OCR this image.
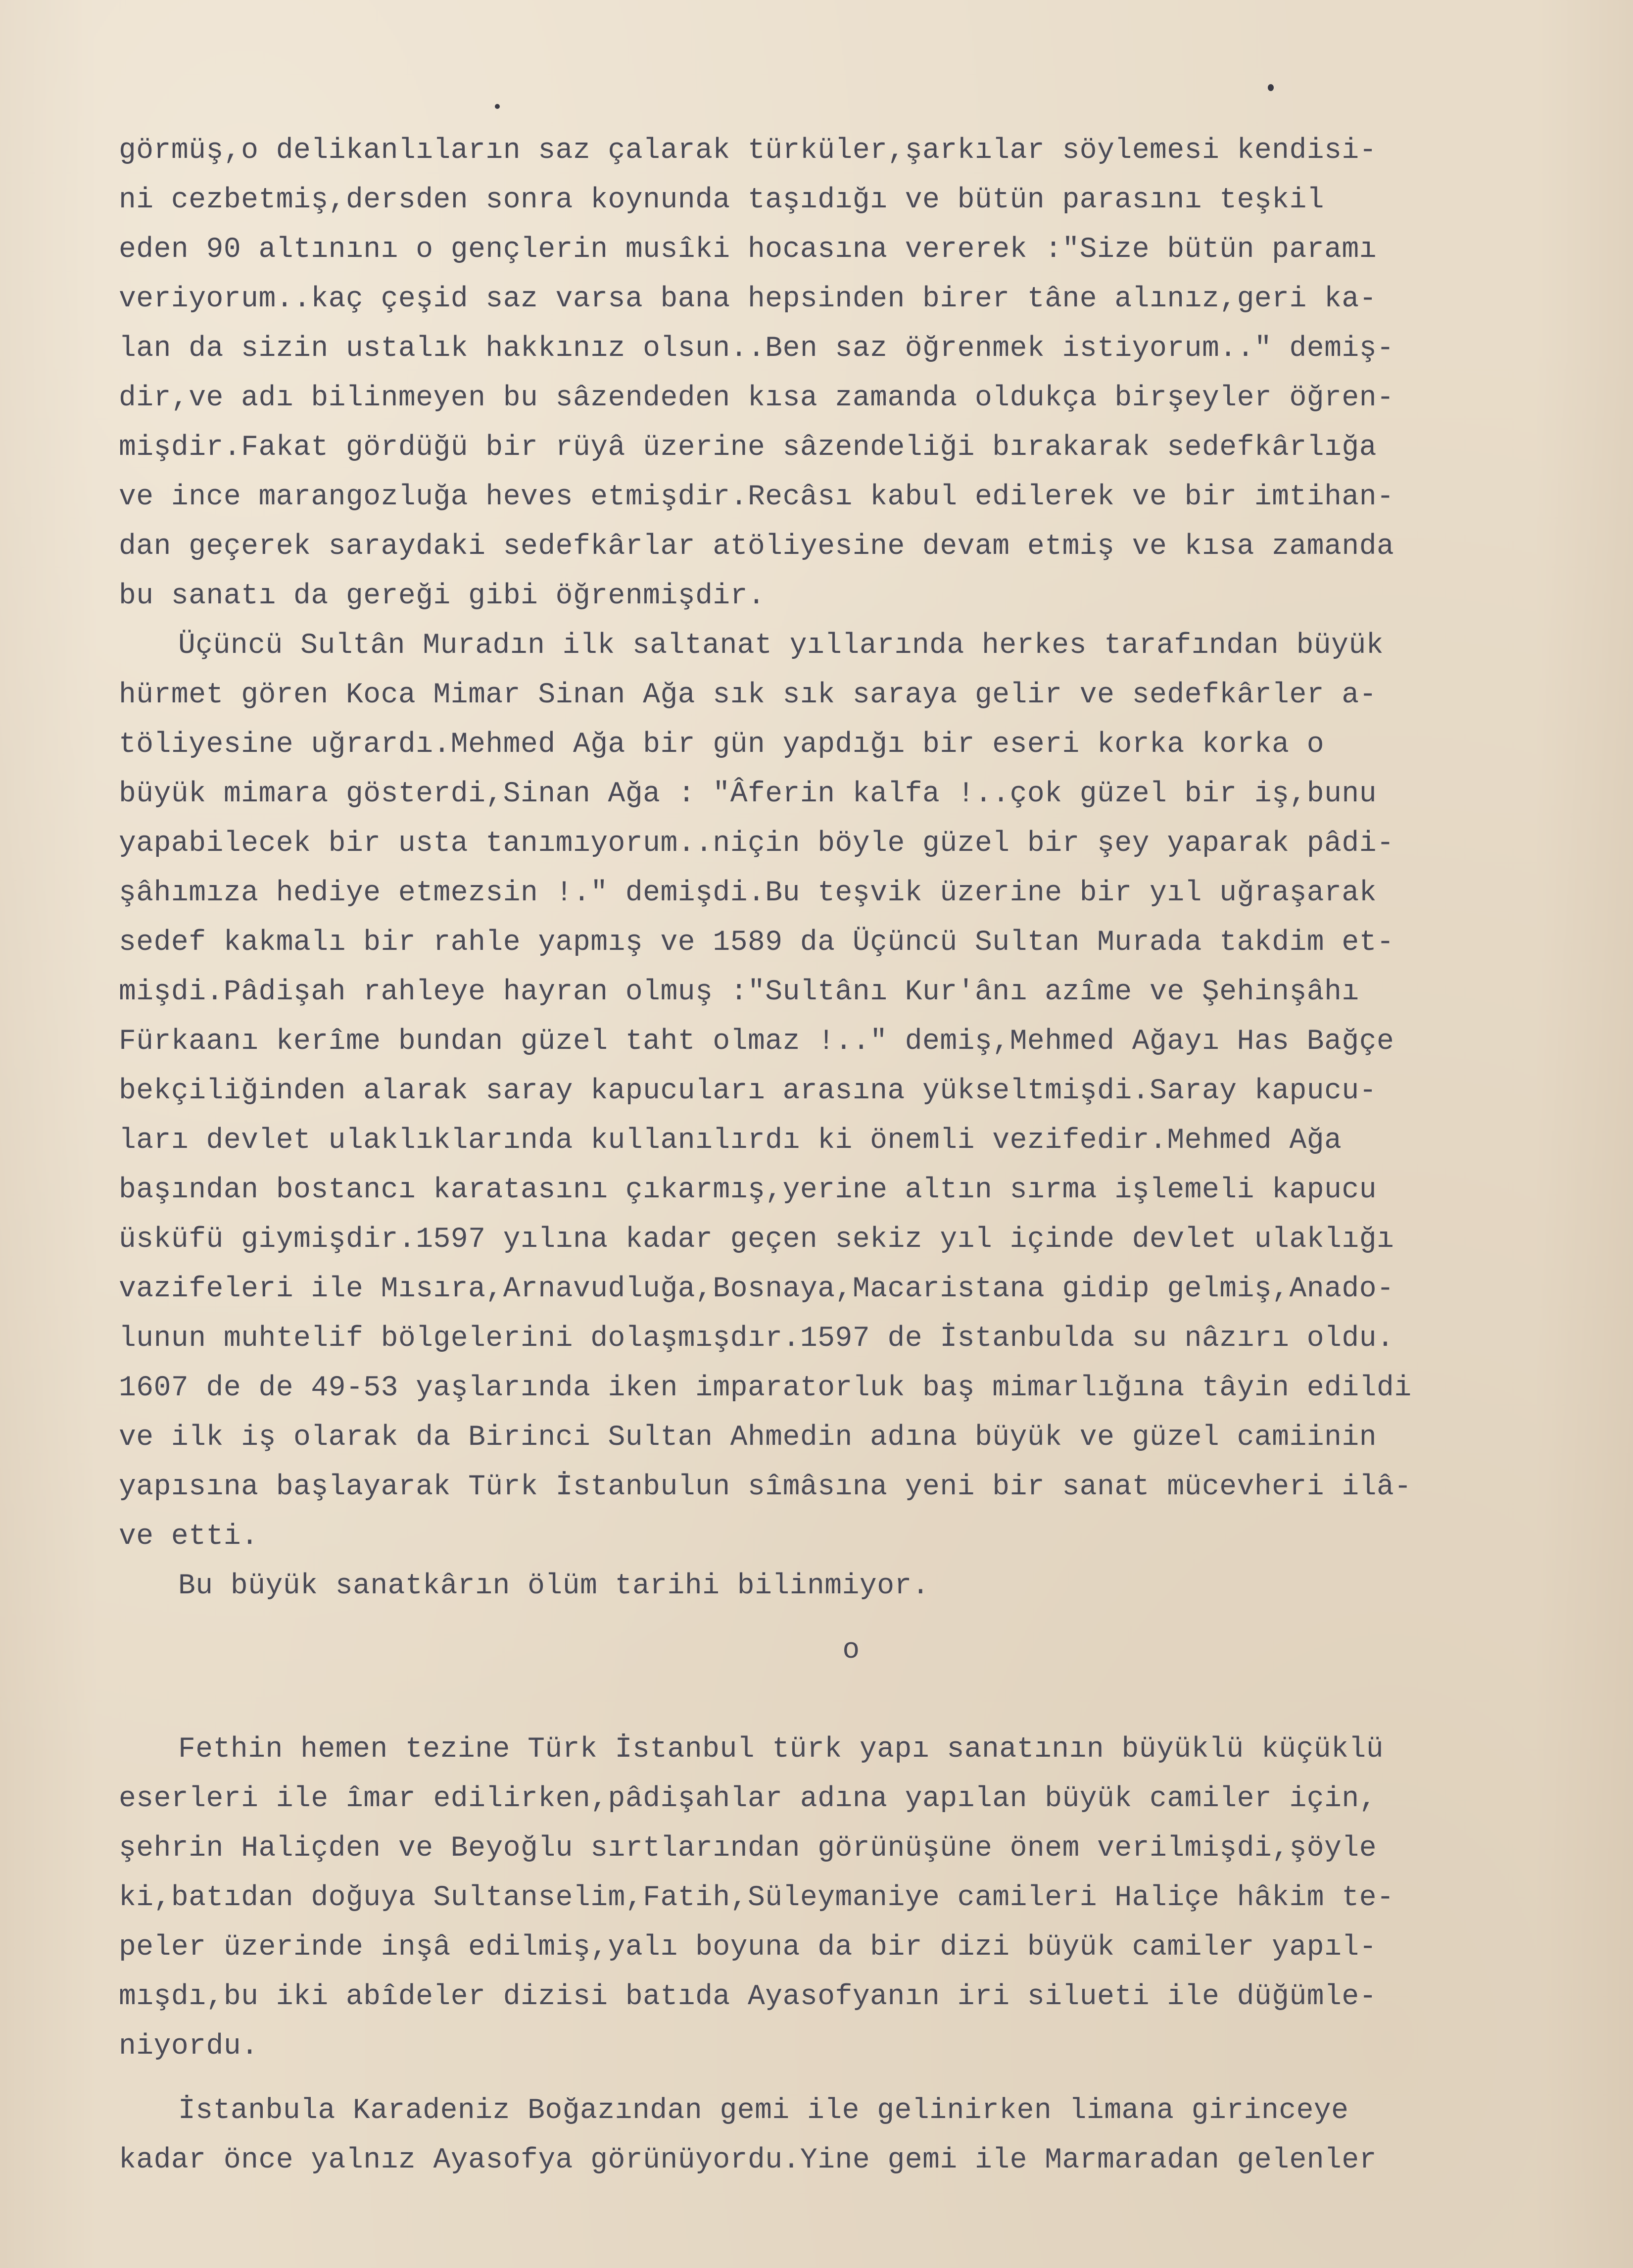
görmüş,o delikanlıların saz çalarak türküler,şarkılar söylemesi kendisi-
ni cezbetmiş,dersden sonra koynunda taşıdığı ve bütün parasını teşkil
eden 90 altınını o gençlerin musîki hocasına vererek :"Size bütün paramı
veriyorum..kaç çeşid saz varsa bana hepsinden birer tâne alınız,geri ka-
lan da sizin ustalık hakkınız olsun..Ben saz öğrenmek istiyorum.." demiş-
dir,ve adı bilinmeyen bu sâzendeden kısa zamanda oldukça birşeyler öğren-
mişdir.Fakat gördüğü bir rüyâ üzerine sâzendeliği bırakarak sedefkârlığa
ve ince marangozluğa heves etmişdir.Recâsı kabul edilerek ve bir imtihan-
dan geçerek saraydaki sedefkârlar atöliyesine devam etmiş ve kısa zamanda
bu sanatı da gereği gibi öğrenmişdir.
Üçüncü Sultân Muradın ilk saltanat yıllarında herkes tarafından büyük
hürmet gören Koca Mimar Sinan Ağa sık sık saraya gelir ve sedefkârler a-
töliyesine uğrardı.Mehmed Ağa bir gün yapdığı bir eseri korka korka o
büyük mimara gösterdi,Sinan Ağa : "Âferin kalfa !..çok güzel bir iş,bunu
yapabilecek bir usta tanımıyorum..niçin böyle güzel bir şey yaparak pâdi-
şâhımıza hediye etmezsin !." demişdi.Bu teşvik üzerine bir yıl uğraşarak
sedef kakmalı bir rahle yapmış ve 1589 da Üçüncü Sultan Murada takdim et-
mişdi.Pâdişah rahleye hayran olmuş :"Sultânı Kur'ânı azîme ve Şehinşâhı
Fürkaanı kerîme bundan güzel taht olmaz !.." demiş,Mehmed Ağayı Has Bağçe
bekçiliğinden alarak saray kapucuları arasına yükseltmişdi.Saray kapucu-
ları devlet ulaklıklarında kullanılırdı ki önemli vezifedir.Mehmed Ağa
başından bostancı karatasını çıkarmış,yerine altın sırma işlemeli kapucu
üsküfü giymişdir.1597 yılına kadar geçen sekiz yıl içinde devlet ulaklığı
vazifeleri ile Mısıra,Arnavudluğa,Bosnaya,Macaristana gidip gelmiş,Anado-
lunun muhtelif bölgelerini dolaşmışdır.1597 de İstanbulda su nâzırı oldu.
1607 de de 49-53 yaşlarında iken imparatorluk baş mimarlığına tâyin edildi
ve ilk iş olarak da Birinci Sultan Ahmedin adına büyük ve güzel camiinin
yapısına başlayarak Türk İstanbulun sîmâsına yeni bir sanat mücevheri ilâ-
ve etti.
Bu büyük sanatkârın ölüm tarihi bilinmiyor.
o
Fethin hemen tezine Türk İstanbul türk yapı sanatının büyüklü küçüklü
eserleri ile îmar edilirken,pâdişahlar adına yapılan büyük camiler için,
şehrin Haliçden ve Beyoğlu sırtlarından görünüşüne önem verilmişdi,şöyle
ki,batıdan doğuya Sultanselim,Fatih,Süleymaniye camileri Haliçe hâkim te-
peler üzerinde inşâ edilmiş,yalı boyuna da bir dizi büyük camiler yapıl-
mışdı,bu iki abîdeler dizisi batıda Ayasofyanın iri silueti ile düğümle-
niyordu.
İstanbula Karadeniz Boğazından gemi ile gelinirken limana girinceye
kadar önce yalnız Ayasofya görünüyordu.Yine gemi ile Marmaradan gelenler
